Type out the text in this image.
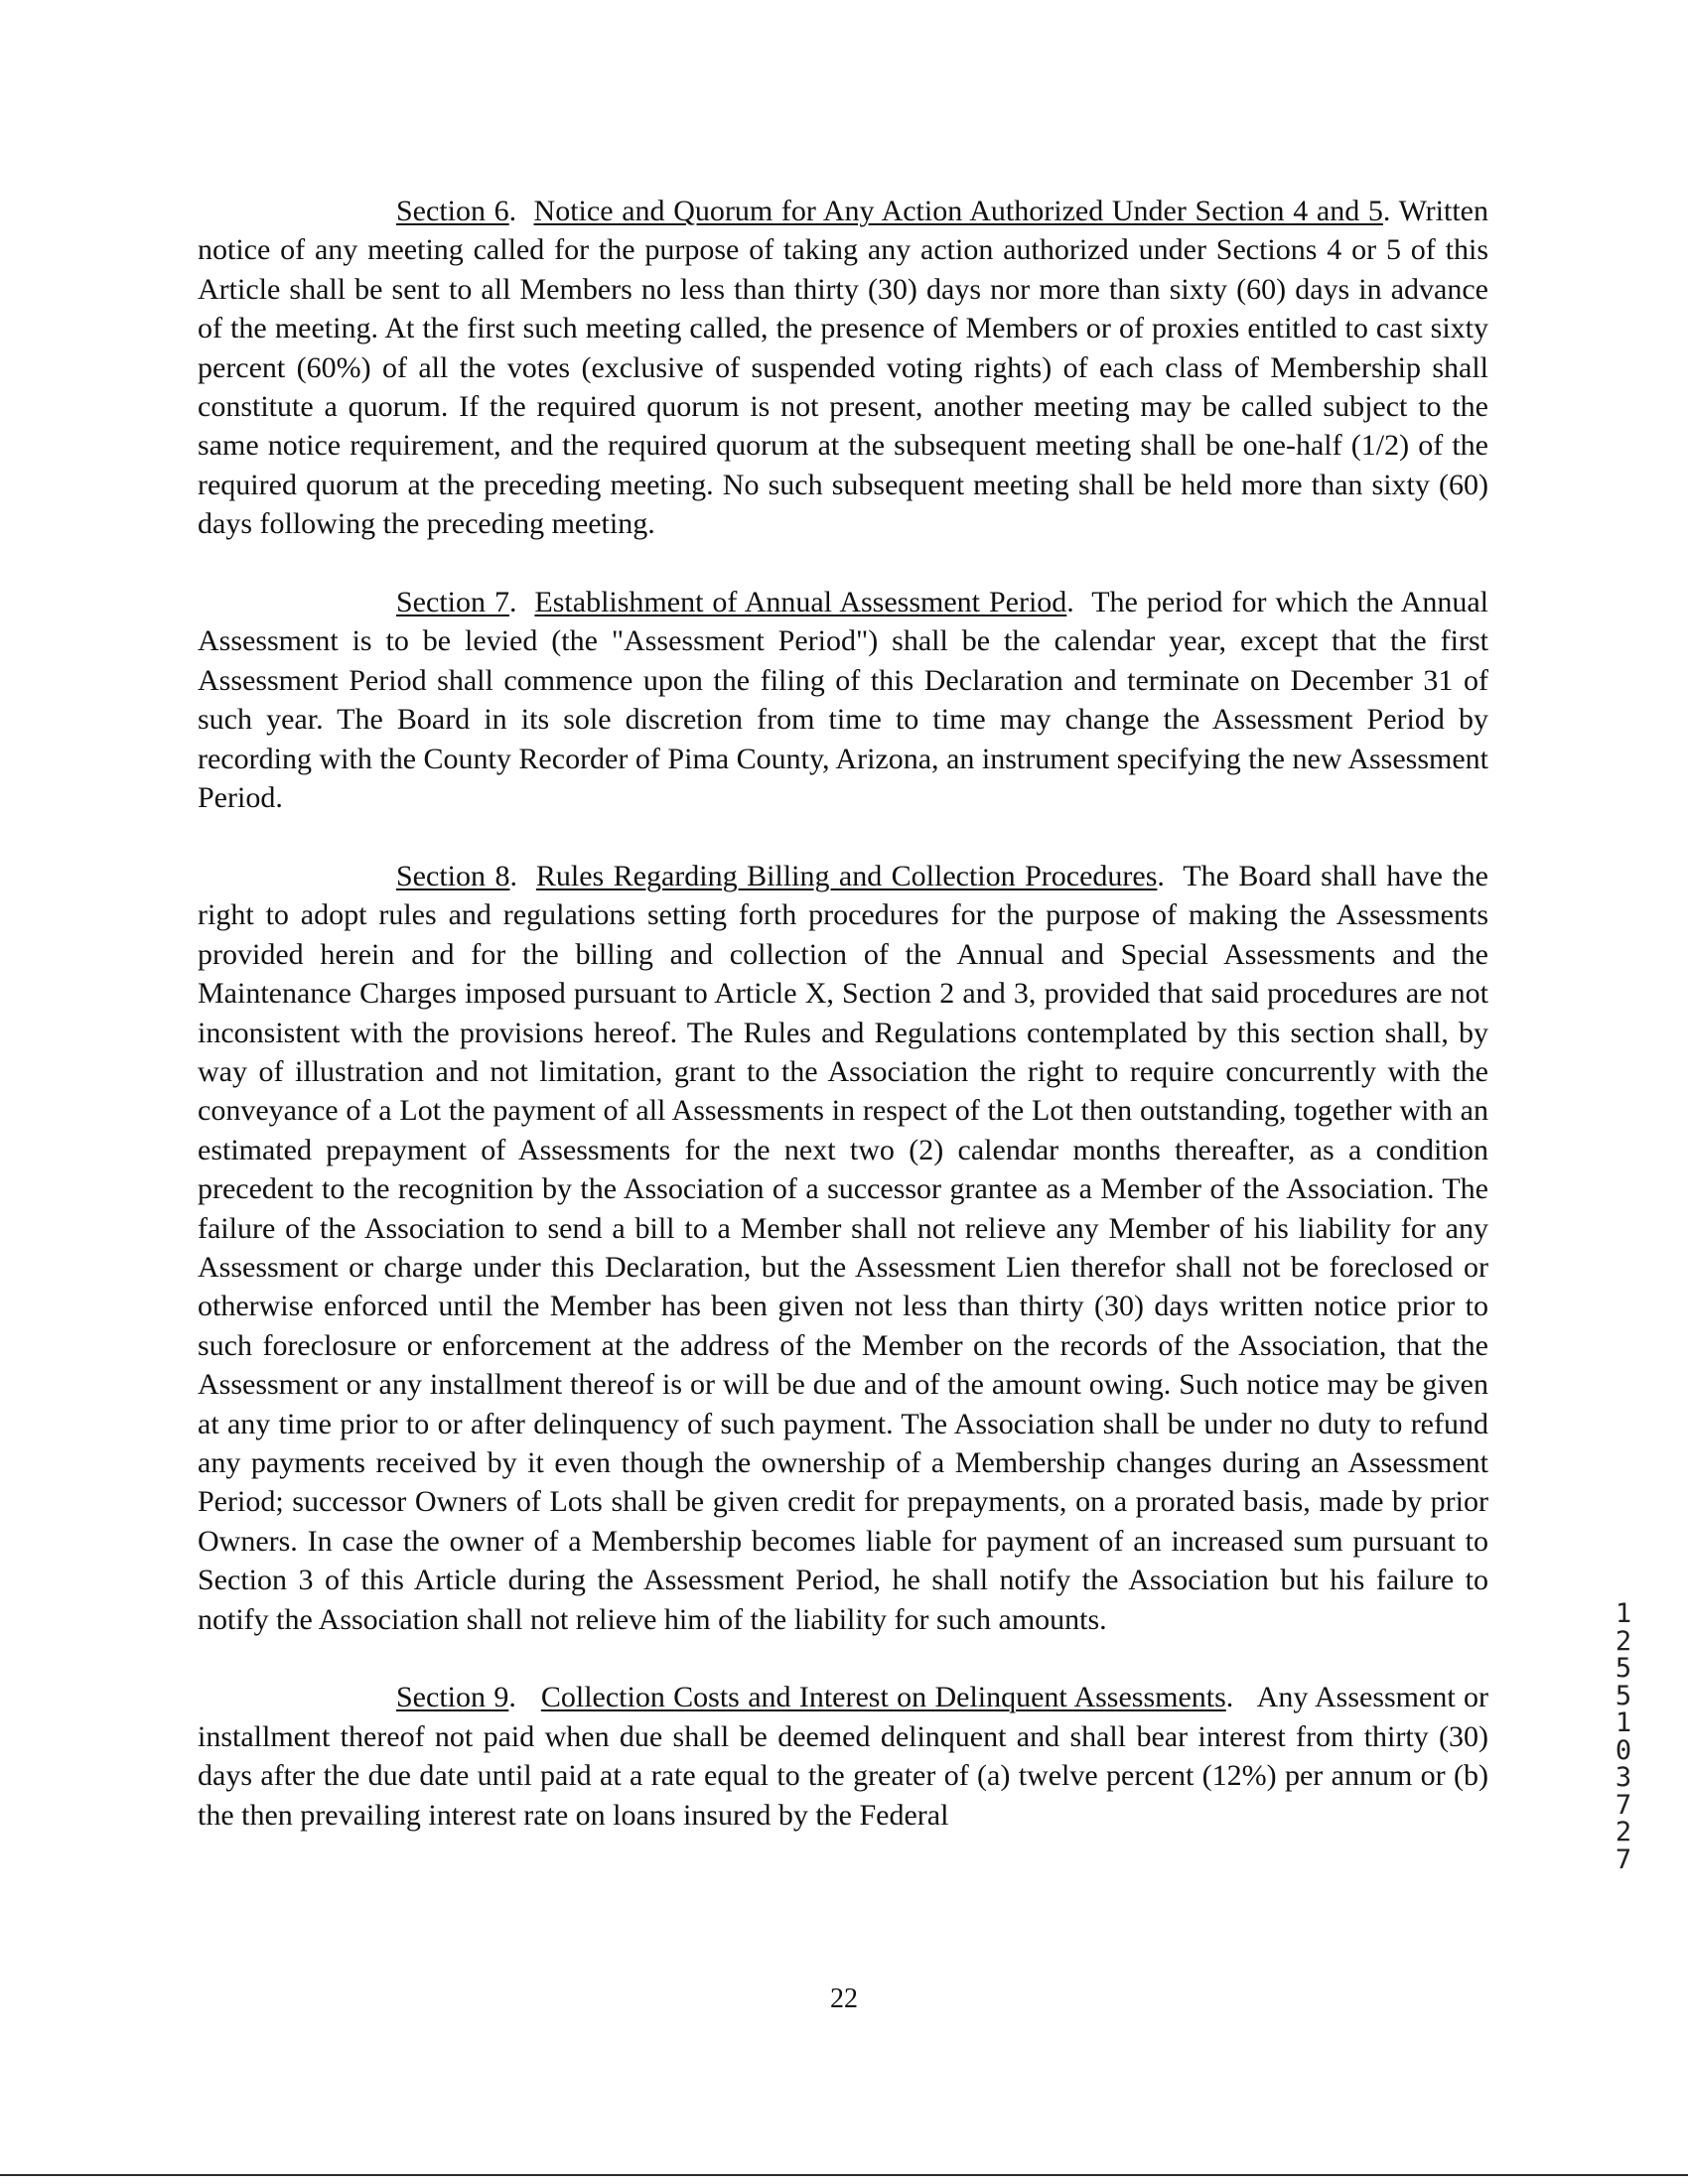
Section 6.  Notice and Quorum for Any Action Authorized Under Section 4 and 5. Written notice of any meeting called for the purpose of taking any action authorized under Sections 4 or 5 of this Article shall be sent to all Members no less than thirty (30) days nor more than sixty (60) days in advance of the meeting. At the first such meeting called, the presence of Members or of proxies entitled to cast sixty percent (60%) of all the votes (exclusive of suspended voting rights) of each class of Membership shall constitute a quorum. If the required quorum is not present, another meeting may be called subject to the same notice requirement, and the required quorum at the subsequent meeting shall be one-half (1/2) of the required quorum at the preceding meeting. No such subsequent meeting shall be held more than sixty (60) days following the preceding meeting.

Section 7.  Establishment of Annual Assessment Period.  The period for which the Annual Assessment is to be levied (the "Assessment Period") shall be the calendar year, except that the first Assessment Period shall commence upon the filing of this Declaration and terminate on December 31 of such year. The Board in its sole discretion from time to time may change the Assessment Period by recording with the County Recorder of Pima County, Arizona, an instrument specifying the new Assessment Period.

Section 8.  Rules Regarding Billing and Collection Procedures.  The Board shall have the right to adopt rules and regulations setting forth procedures for the purpose of making the Assessments provided herein and for the billing and collection of the Annual and Special Assessments and the Maintenance Charges imposed pursuant to Article X, Section 2 and 3, provided that said procedures are not inconsistent with the provisions hereof. The Rules and Regulations contemplated by this section shall, by way of illustration and not limitation, grant to the Association the right to require concurrently with the conveyance of a Lot the payment of all Assessments in respect of the Lot then outstanding, together with an estimated prepayment of Assessments for the next two (2) calendar months thereafter, as a condition precedent to the recognition by the Association of a successor grantee as a Member of the Association. The failure of the Association to send a bill to a Member shall not relieve any Member of his liability for any Assessment or charge under this Declaration, but the Assessment Lien therefor shall not be foreclosed or otherwise enforced until the Member has been given not less than thirty (30) days written notice prior to such foreclosure or enforcement at the address of the Member on the records of the Association, that the Assessment or any installment thereof is or will be due and of the amount owing. Such notice may be given at any time prior to or after delinquency of such payment. The Association shall be under no duty to refund any payments received by it even though the ownership of a Membership changes during an Assessment Period; successor Owners of Lots shall be given credit for prepayments, on a prorated basis, made by prior Owners. In case the owner of a Membership becomes liable for payment of an increased sum pursuant to Section 3 of this Article during the Assessment Period, he shall notify the Association but his failure to notify the Association shall not relieve him of the liability for such amounts.

Section 9.   Collection Costs and Interest on Delinquent Assessments.   Any Assessment or installment thereof not paid when due shall be deemed delinquent and shall bear interest from thirty (30) days after the due date until paid at a rate equal to the greater of (a) twelve percent (12%) per annum or (b) the then prevailing interest rate on loans insured by the Federal

22
1
2
5
5
1
0
3
7
2
7
